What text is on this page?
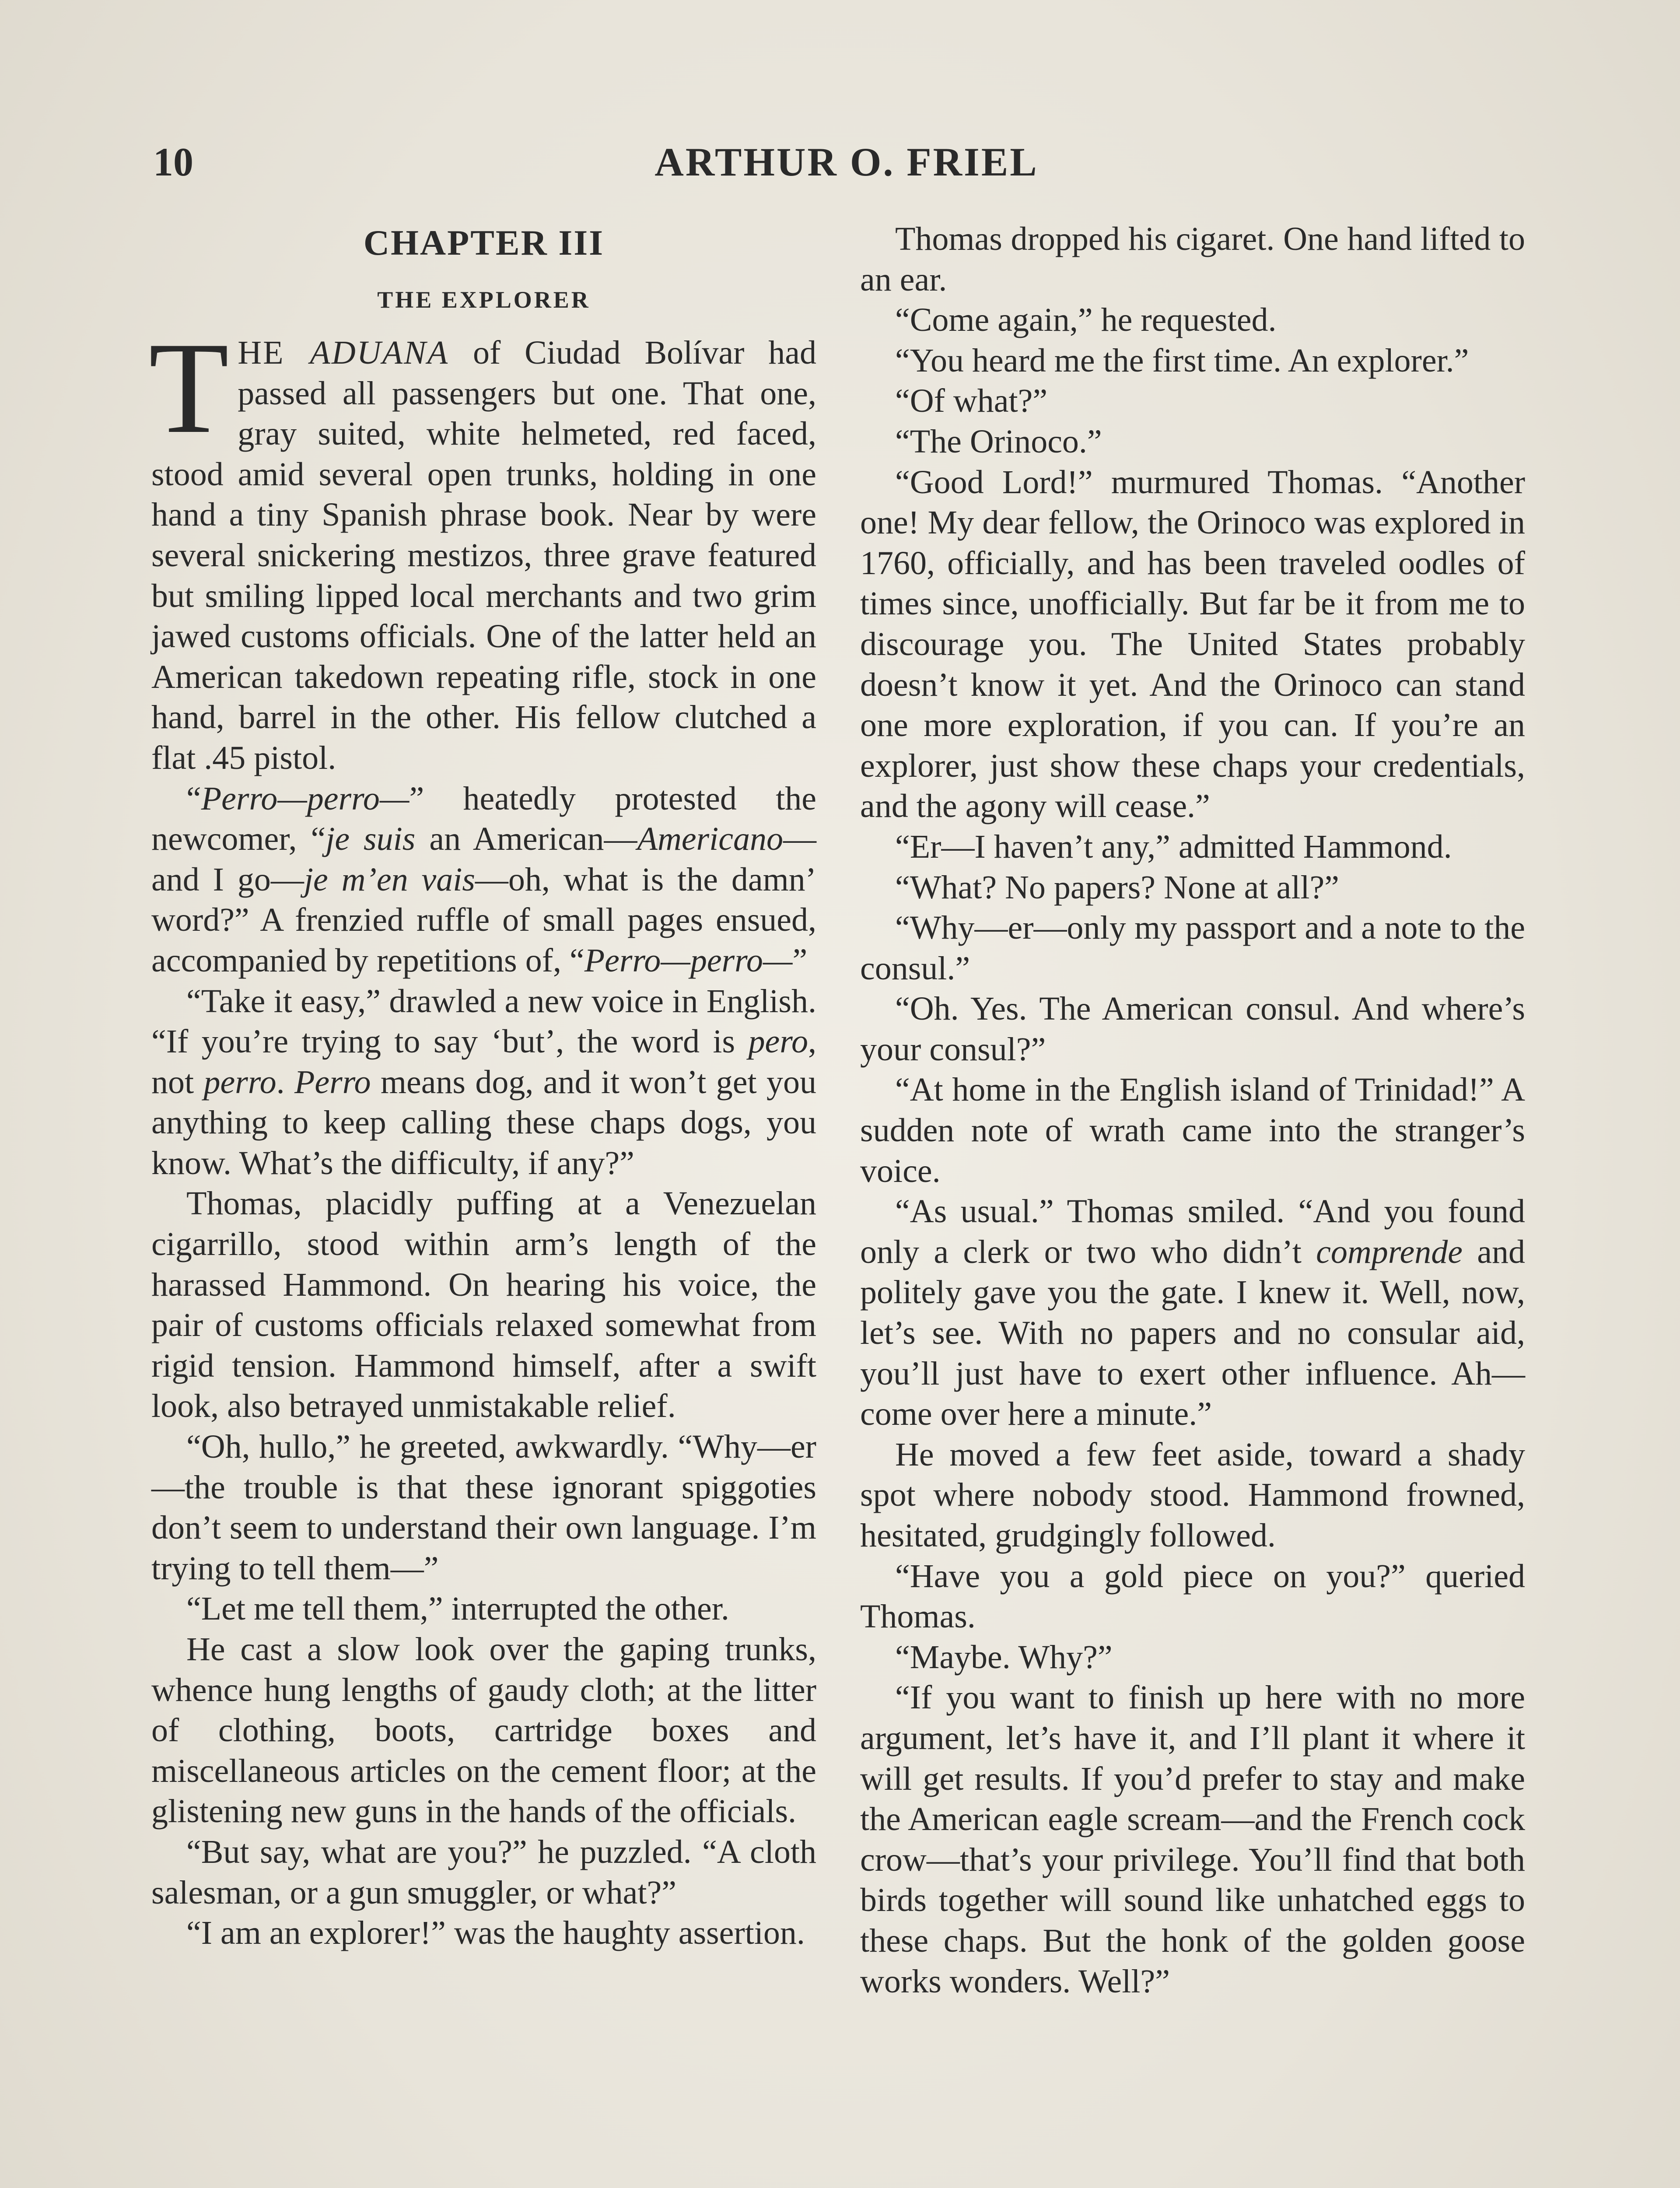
10	ARTHUR O. FRIEL
CHAPTER III
THE EXPLORER

THE ADUANA of Ciudad Bolívar had passed all passengers but one. That one, gray suited, white helmeted, red faced, stood amid several open trunks, holding in one hand a tiny Spanish phrase book. Near by were several snickering mestizos, three grave featured but smiling lipped local merchants and two grim jawed customs officials. One of the latter held an American takedown repeating rifle, stock in one hand, barrel in the other. His fellow clutched a flat .45 pistol.

“Perro—perro—” heatedly protested the newcomer, “je suis an American—Americano—and I go—je m’en vais—oh, what is the damn’ word?” A frenzied ruffle of small pages ensued, accompanied by repetitions of, “Perro—perro—”

“Take it easy,” drawled a new voice in English. “If you’re trying to say ‘but’, the word is pero, not perro. Perro means dog, and it won’t get you anything to keep calling these chaps dogs, you know. What’s the difficulty, if any?”

Thomas, placidly puffing at a Venezuelan cigarrillo, stood within arm’s length of the harassed Hammond. On hearing his voice, the pair of customs officials relaxed somewhat from rigid tension. Hammond himself, after a swift look, also betrayed unmistakable relief.

“Oh, hullo,” he greeted, awkwardly. “Why—er—the trouble is that these ignorant spiggoties don’t seem to understand their own language. I’m trying to tell them—”

“Let me tell them,” interrupted the other.

He cast a slow look over the gaping trunks, whence hung lengths of gaudy cloth; at the litter of clothing, boots, cartridge boxes and miscellaneous articles on the cement floor; at the glistening new guns in the hands of the officials.

“But say, what are you?” he puzzled. “A cloth salesman, or a gun smuggler, or what?”

“I am an explorer!” was the haughty assertion.

Thomas dropped his cigaret. One hand lifted to an ear.

“Come again,” he requested.

“You heard me the first time. An explorer.”

“Of what?”

“The Orinoco.”

“Good Lord!” murmured Thomas. “Another one! My dear fellow, the Orinoco was explored in 1760, officially, and has been traveled oodles of times since, unofficially. But far be it from me to discourage you. The United States probably doesn’t know it yet. And the Orinoco can stand one more exploration, if you can. If you’re an explorer, just show these chaps your credentials, and the agony will cease.”

“Er—I haven’t any,” admitted Hammond.

“What? No papers? None at all?”

“Why—er—only my passport and a note to the consul.”

“Oh. Yes. The American consul. And where’s your consul?”

“At home in the English island of Trinidad!” A sudden note of wrath came into the stranger’s voice.

“As usual.” Thomas smiled. “And you found only a clerk or two who didn’t comprende and politely gave you the gate. I knew it. Well, now, let’s see. With no papers and no consular aid, you’ll just have to exert other influence. Ah—come over here a minute.”

He moved a few feet aside, toward a shady spot where nobody stood. Hammond frowned, hesitated, grudgingly followed.

“Have you a gold piece on you?” queried Thomas.

“Maybe. Why?”

“If you want to finish up here with no more argument, let’s have it, and I’ll plant it where it will get results. If you’d prefer to stay and make the American eagle scream—and the French cock crow—that’s your privilege. You’ll find that both birds together will sound like unhatched eggs to these chaps. But the honk of the golden goose works wonders. Well?”
